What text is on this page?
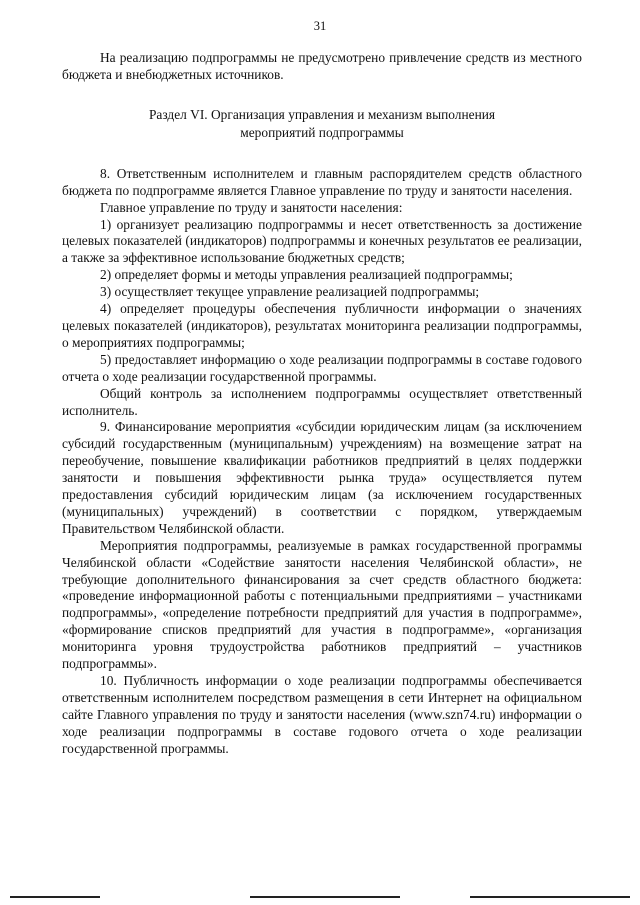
31

На реализацию подпрограммы не предусмотрено привлечение средств из местного бюджета и внебюджетных источников.

Раздел VI. Организация управления и механизм выполнения
мероприятий подпрограммы

8. Ответственным исполнителем и главным распорядителем средств областного бюджета по подпрограмме является Главное управление по труду и занятости населения.

Главное управление по труду и занятости населения:

1) организует реализацию подпрограммы и несет ответственность за достижение целевых показателей (индикаторов) подпрограммы и конечных результатов ее реализации, а также за эффективное использование бюджетных средств;

2) определяет формы и методы управления реализацией подпрограммы;

3) осуществляет текущее управление реализацией подпрограммы;

4) определяет процедуры обеспечения публичности информации о значениях целевых показателей (индикаторов), результатах мониторинга реализации подпрограммы, о мероприятиях подпрограммы;

5) предоставляет информацию о ходе реализации подпрограммы в составе годового отчета о ходе реализации государственной программы.

Общий контроль за исполнением подпрограммы осуществляет ответственный исполнитель.

9. Финансирование мероприятия «субсидии юридическим лицам (за исключением субсидий государственным (муниципальным) учреждениям) на возмещение затрат на переобучение, повышение квалификации работников предприятий в целях поддержки занятости и повышения эффективности рынка труда» осуществляется путем предоставления субсидий юридическим лицам (за исключением государственных (муниципальных) учреждений) в соответствии с порядком, утверждаемым Правительством Челябинской области.

Мероприятия подпрограммы, реализуемые в рамках государственной программы Челябинской области «Содействие занятости населения Челябинской области», не требующие дополнительного финансирования за счет средств областного бюджета: «проведение информационной работы с потенциальными предприятиями – участниками подпрограммы», «определение потребности предприятий для участия в подпрограмме», «формирование списков предприятий для участия в подпрограмме», «организация мониторинга уровня трудоустройства работников предприятий – участников подпрограммы».

10. Публичность информации о ходе реализации подпрограммы обеспечивается ответственным исполнителем посредством размещения в сети Интернет на официальном сайте Главного управления по труду и занятости населения (www.szn74.ru) информации о ходе реализации подпрограммы в составе годового отчета о ходе реализации государственной программы.
